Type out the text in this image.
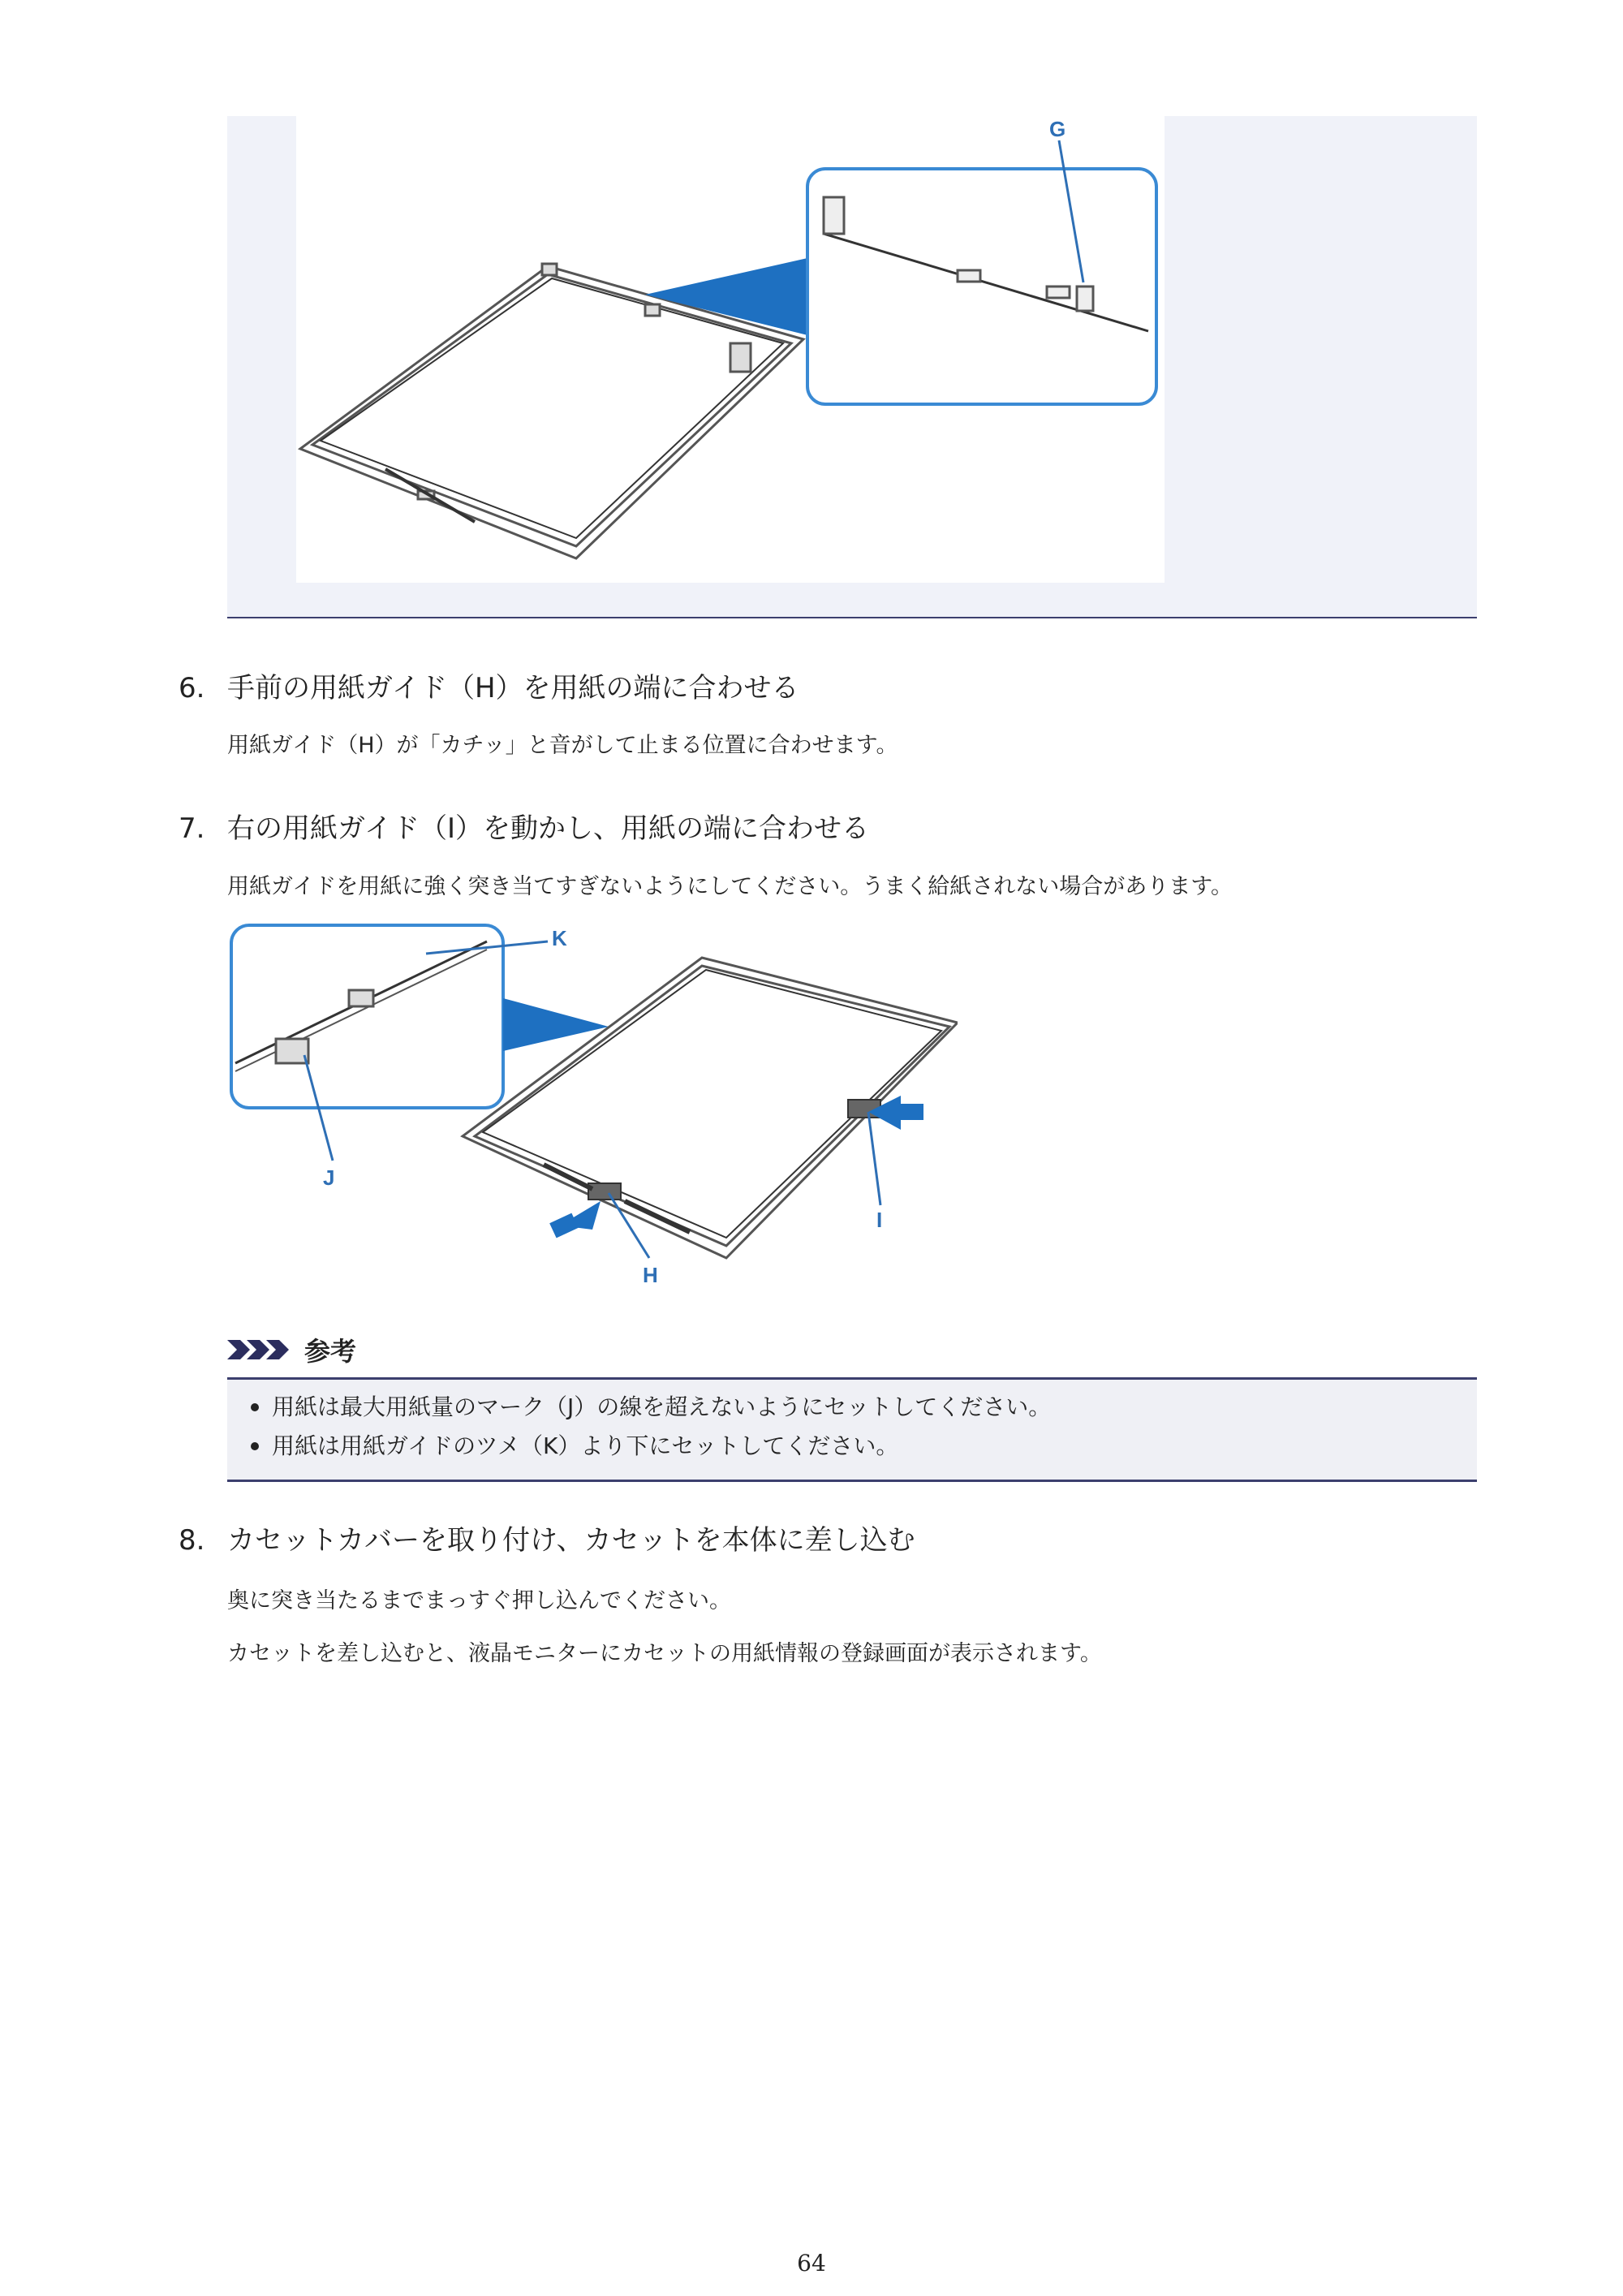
G
6. 手前の用紙ガイド（H）を用紙の端に合わせる
用紙ガイド（H）が「カチッ」と音がして止まる位置に合わせます。
7. 右の用紙ガイド（I）を動かし、用紙の端に合わせる
用紙ガイドを用紙に強く突き当てすぎないようにしてください。うまく給紙されない場合があります。
K
J
H
I
参考
用紙は最大用紙量のマーク（J）の線を超えないようにセットしてください。
用紙は用紙ガイドのツメ（K）より下にセットしてください。
8. カセットカバーを取り付け、カセットを本体に差し込む
奥に突き当たるまでまっすぐ押し込んでください。
カセットを差し込むと、液晶モニターにカセットの用紙情報の登録画面が表示されます。
64
